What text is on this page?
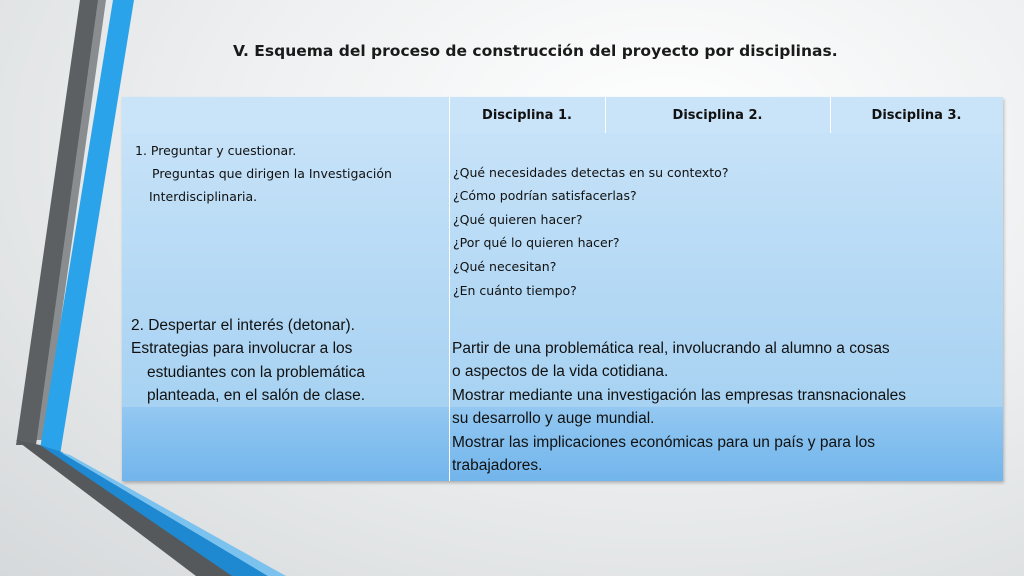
V. Esquema del proceso de construcción del proyecto por disciplinas.
Disciplina 1.	Disciplina 2.	Disciplina 3.
1. Preguntar y cuestionar.
Preguntas que dirigen la Investigación
Interdisciplinaria.
¿Qué necesidades detectas en su contexto?
¿Cómo podrían satisfacerlas?
¿Qué quieren hacer?
¿Por qué lo quieren hacer?
¿Qué necesitan?
¿En cuánto tiempo?
2. Despertar el interés (detonar).
Estrategias para involucrar a los
estudiantes con la problemática
planteada, en el salón de clase.
Partir de una problemática real, involucrando al alumno a cosas
o aspectos de la vida cotidiana.
Mostrar mediante una investigación las empresas transnacionales
su desarrollo y auge mundial.
Mostrar las implicaciones económicas para un país y para los
trabajadores.
